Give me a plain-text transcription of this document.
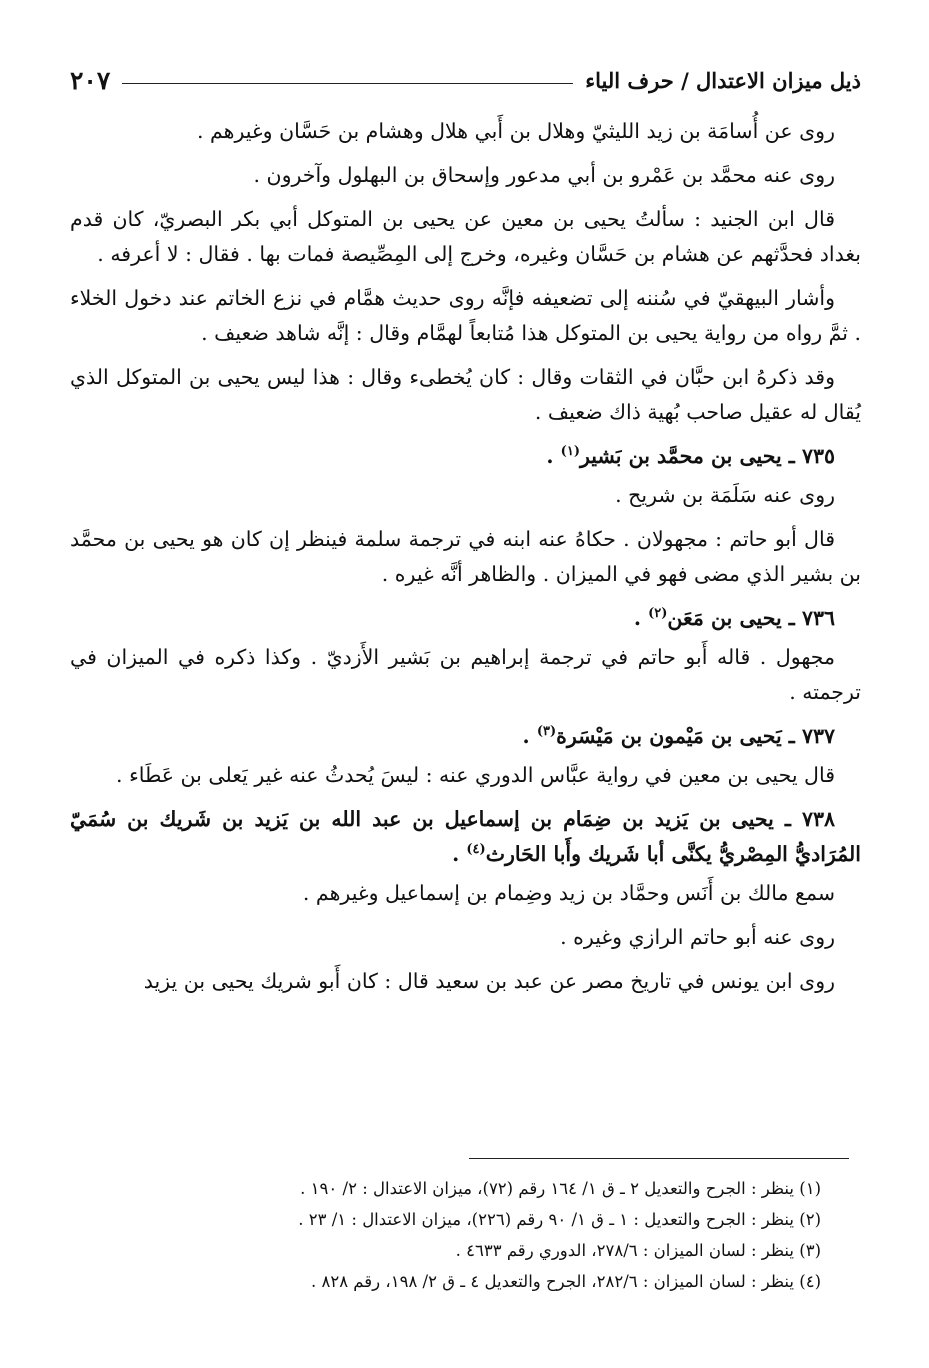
ذيل ميزان الاعتدال / حرف الياء
٢٠٧

روى عن أُسامَة بن زيد الليثيّ وهلال بن أَبي هلال وهشام بن حَسَّان وغيرهم .

روى عنه محمَّد بن عَمْرو بن أبي مدعور وإسحاق بن البهلول وآخرون .

قال ابن الجنيد : سألتُ يحيى بن معين عن يحيى بن المتوكل أبي بكر البصريّ، كان قدم بغداد فحدَّثهم عن هشام بن حَسَّان وغيره، وخرج إلى المِصِّيصة فمات بها . فقال : لا أعرفه .

وأشار البيهقيّ في سُننه إلى تضعيفه فإنَّه روى حديث همَّام في نزع الخاتم عند دخول الخلاء . ثمَّ رواه من رواية يحيى بن المتوكل هذا مُتابعاً لهمَّام وقال : إنَّه شاهد ضعيف .

وقد ذكرهُ ابن حبَّان في الثقات وقال : كان يُخطىء وقال : هذا ليس يحيى بن المتوكل الذي يُقال له عقيل صاحب بُهية ذاك ضعيف .

٧٣٥ ـ يحيى بن محمَّد بن بَشير$^{(١)}$ .

روى عنه سَلَمَة بن شريح .

قال أبو حاتم : مجهولان . حكاهُ عنه ابنه في ترجمة سلمة فينظر إن كان هو يحيى بن محمَّد بن بشير الذي مضى فهو في الميزان . والظاهر أنَّه غيره .

٧٣٦ ـ يحيى بن مَعَن$^{(٢)}$ .

مجهول . قاله أَبو حاتم في ترجمة إبراهيم بن بَشير الأَزديّ . وكذا ذكره في الميزان في ترجمته .

٧٣٧ ـ يَحيى بن مَيْمون بن مَيْسَرة$^{(٣)}$ .

قال يحيى بن معين في رواية عبَّاس الدوري عنه : ليسَ يُحدثُ عنه غير يَعلى بن عَطَاء .

٧٣٨ ـ يحيى بن يَزيد بن ضِمَام بن إسماعيل بن عبد الله بن يَزيد بن شَريك بن سُمَيّ المُرَاديُّ المِصْريُّ يكنَّى أبا شَريك وأَبا الحَارث$^{(٤)}$ .

سمع مالك بن أَنَس وحمَّاد بن زيد وضِمام بن إسماعيل وغيرهم .

روى عنه أبو حاتم الرازي وغيره .

روى ابن يونس في تاريخ مصر عن عبد بن سعيد قال : كان أَبو شريك يحيى بن يزيد

(١) ينظر : الجرح والتعديل ٢ ـ ق ١/ ١٦٤ رقم (٧٢)، ميزان الاعتدال : ٢/ ١٩٠ .
(٢) ينظر : الجرح والتعديل : ١ ـ ق ١/ ٩٠ رقم (٢٢٦)، ميزان الاعتدال : ١/ ٢٣ .
(٣) ينظر : لسان الميزان : ٢٧٨/٦، الدوري رقم ٤٦٣٣ .
(٤) ينظر : لسان الميزان : ٢٨٢/٦، الجرح والتعديل ٤ ـ ق ٢/ ١٩٨، رقم ٨٢٨ .
